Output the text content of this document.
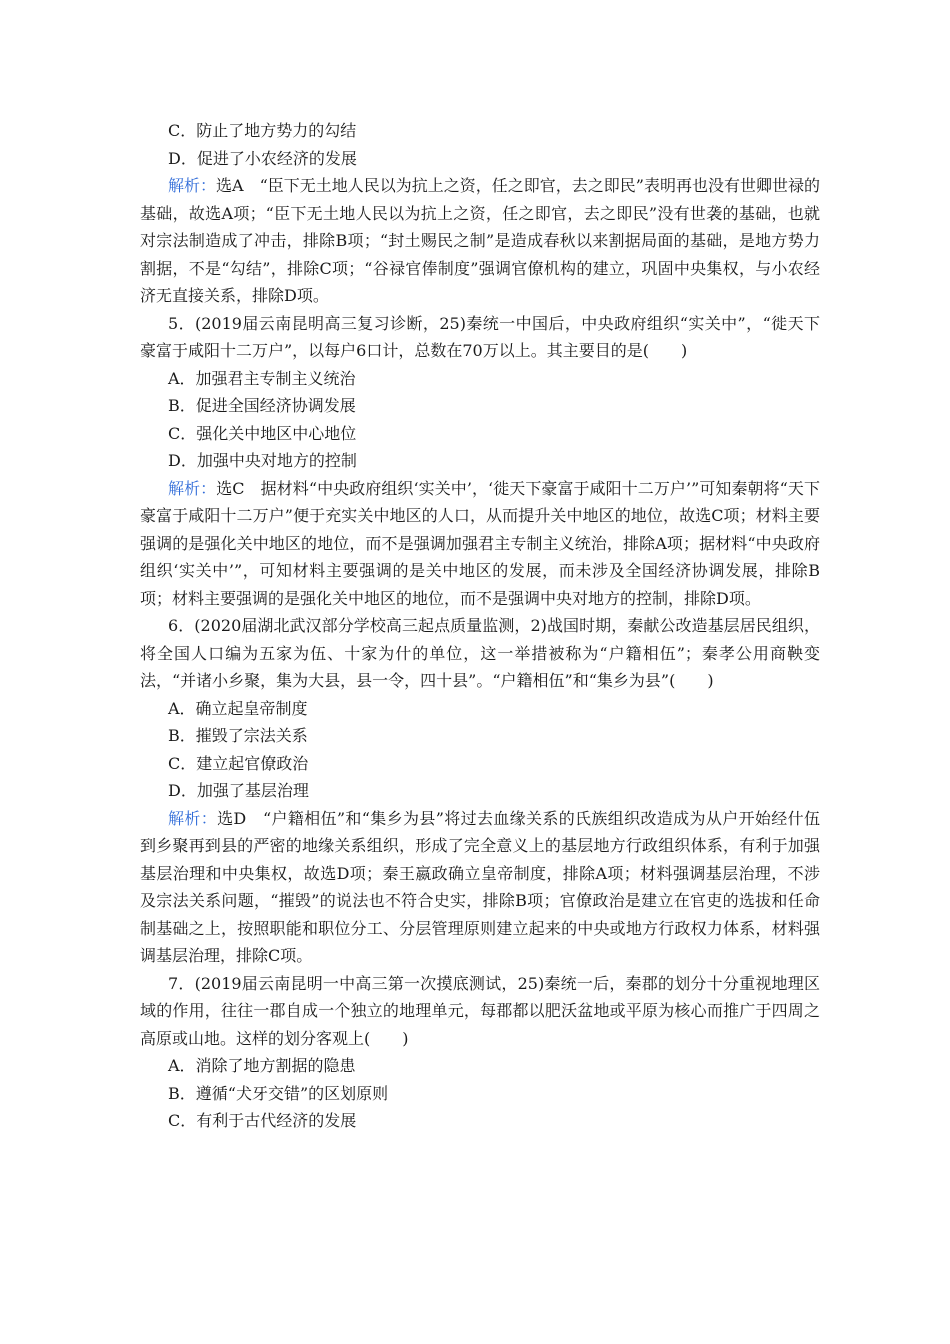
C．防止了地方势力的勾结
D．促进了小农经济的发展
解析：选A　“臣下无土地人民以为抗上之资，任之即官，去之即民”表明再也没有世卿世禄的基础，故选A项；“臣下无土地人民以为抗上之资，任之即官，去之即民”没有世袭的基础，也就对宗法制造成了冲击，排除B项；“封土赐民之制”是造成春秋以来割据局面的基础，是地方势力割据，不是“勾结”，排除C项；“谷禄官俸制度”强调官僚机构的建立，巩固中央集权，与小农经济无直接关系，排除D项。
5．(2019届云南昆明高三复习诊断，25)秦统一中国后，中央政府组织“实关中”，“徙天下豪富于咸阳十二万户”，以每户6口计，总数在70万以上。其主要目的是(　　)
A．加强君主专制主义统治
B．促进全国经济协调发展
C．强化关中地区中心地位
D．加强中央对地方的控制
解析：选C　据材料“中央政府组织‘实关中’，‘徙天下豪富于咸阳十二万户’”可知秦朝将“天下豪富于咸阳十二万户”便于充实关中地区的人口，从而提升关中地区的地位，故选C项；材料主要强调的是强化关中地区的地位，而不是强调加强君主专制主义统治，排除A项；据材料“中央政府组织‘实关中’”，可知材料主要强调的是关中地区的发展，而未涉及全国经济协调发展，排除B项；材料主要强调的是强化关中地区的地位，而不是强调中央对地方的控制，排除D项。
6．(2020届湖北武汉部分学校高三起点质量监测，2)战国时期，秦献公改造基层居民组织，将全国人口编为五家为伍、十家为什的单位，这一举措被称为“户籍相伍”；秦孝公用商鞅变法，“并诸小乡聚，集为大县，县一令，四十县”。“户籍相伍”和“集乡为县”(　　)
A．确立起皇帝制度
B．摧毁了宗法关系
C．建立起官僚政治
D．加强了基层治理
解析：选D　“户籍相伍”和“集乡为县”将过去血缘关系的氏族组织改造成为从户开始经什伍到乡聚再到县的严密的地缘关系组织，形成了完全意义上的基层地方行政组织体系，有利于加强基层治理和中央集权，故选D项；秦王嬴政确立皇帝制度，排除A项；材料强调基层治理，不涉及宗法关系问题，“摧毁”的说法也不符合史实，排除B项；官僚政治是建立在官吏的选拔和任命制基础之上，按照职能和职位分工、分层管理原则建立起来的中央或地方行政权力体系，材料强调基层治理，排除C项。
7．(2019届云南昆明一中高三第一次摸底测试，25)秦统一后，秦郡的划分十分重视地理区域的作用，往往一郡自成一个独立的地理单元，每郡都以肥沃盆地或平原为核心而推广于四周之高原或山地。这样的划分客观上(　　)
A．消除了地方割据的隐患
B．遵循“犬牙交错”的区划原则
C．有利于古代经济的发展
